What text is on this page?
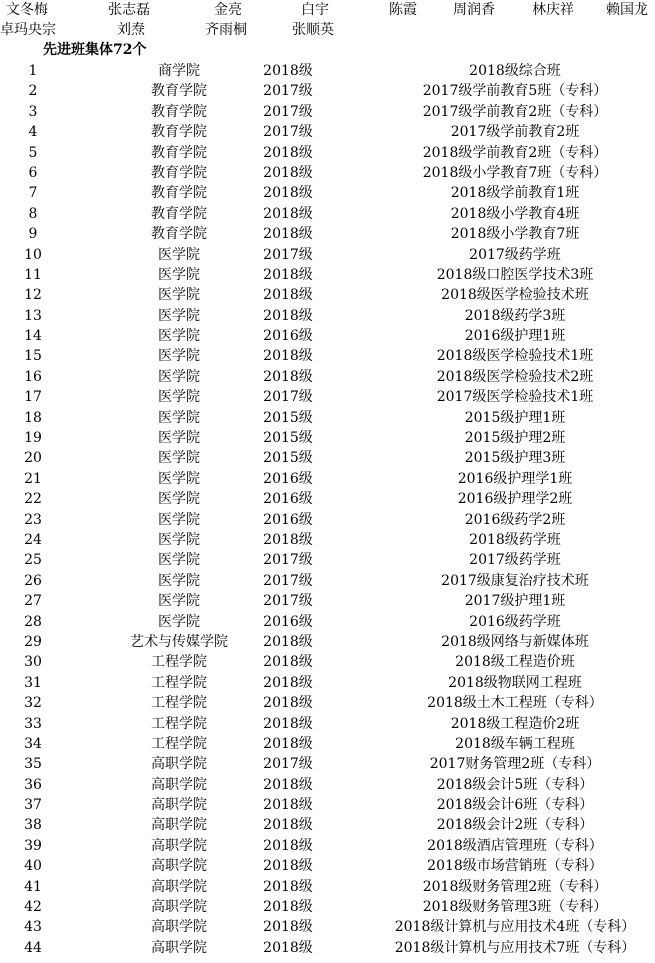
文冬梅	张志磊	金亮	白宇	陈霞	周润香	林庆祥 赖国龙
卓玛央宗	刘焘	齐雨桐	张顺英
先进班集体72个
1	商学院	2018级	2018级综合班
2	教育学院	2017级	2017级学前教育5班（专科）
3	教育学院	2017级	2017级学前教育2班（专科）
4	教育学院	2017级	2017级学前教育2班
5	教育学院	2018级	2018级学前教育2班（专科）
6	教育学院	2018级	2018级小学教育7班（专科）
7	教育学院	2018级	2018级学前教育1班
8	教育学院	2018级	2018级小学教育4班
9	教育学院	2018级	2018级小学教育7班
10	医学院	2017级	2017级药学班
11	医学院	2018级	2018级口腔医学技术3班
12	医学院	2018级	2018级医学检验技术班
13	医学院	2018级	2018级药学3班
14	医学院	2016级	2016级护理1班
15	医学院	2018级	2018级医学检验技术1班
16	医学院	2018级	2018级医学检验技术2班
17	医学院	2017级	2017级医学检验技术1班
18	医学院	2015级	2015级护理1班
19	医学院	2015级	2015级护理2班
20	医学院	2015级	2015级护理3班
21	医学院	2016级	2016级护理学1班
22	医学院	2016级	2016级护理学2班
23	医学院	2016级	2016级药学2班
24	医学院	2018级	2018级药学班
25	医学院	2017级	2017级药学班
26	医学院	2017级	2017级康复治疗技术班
27	医学院	2017级	2017级护理1班
28	医学院	2016级	2016级药学班
29	艺术与传媒学院	2018级	2018级网络与新媒体班
30	工程学院	2018级	2018级工程造价班
31	工程学院	2018级	2018级物联网工程班
32	工程学院	2018级	2018级土木工程班（专科）
33	工程学院	2018级	2018级工程造价2班
34	工程学院	2018级	2018级车辆工程班
35	高职学院	2017级	2017财务管理2班（专科）
36	高职学院	2018级	2018级会计5班（专科）
37	高职学院	2018级	2018级会计6班（专科）
38	高职学院	2018级	2018级会计2班（专科）
39	高职学院	2018级	2018级酒店管理班（专科）
40	高职学院	2018级	2018级市场营销班（专科）
41	高职学院	2018级	2018级财务管理2班（专科）
42	高职学院	2018级	2018级财务管理3班（专科）
43	高职学院	2018级	2018级计算机与应用技术4班（专科）
44	高职学院	2018级	2018级计算机与应用技术7班（专科）
